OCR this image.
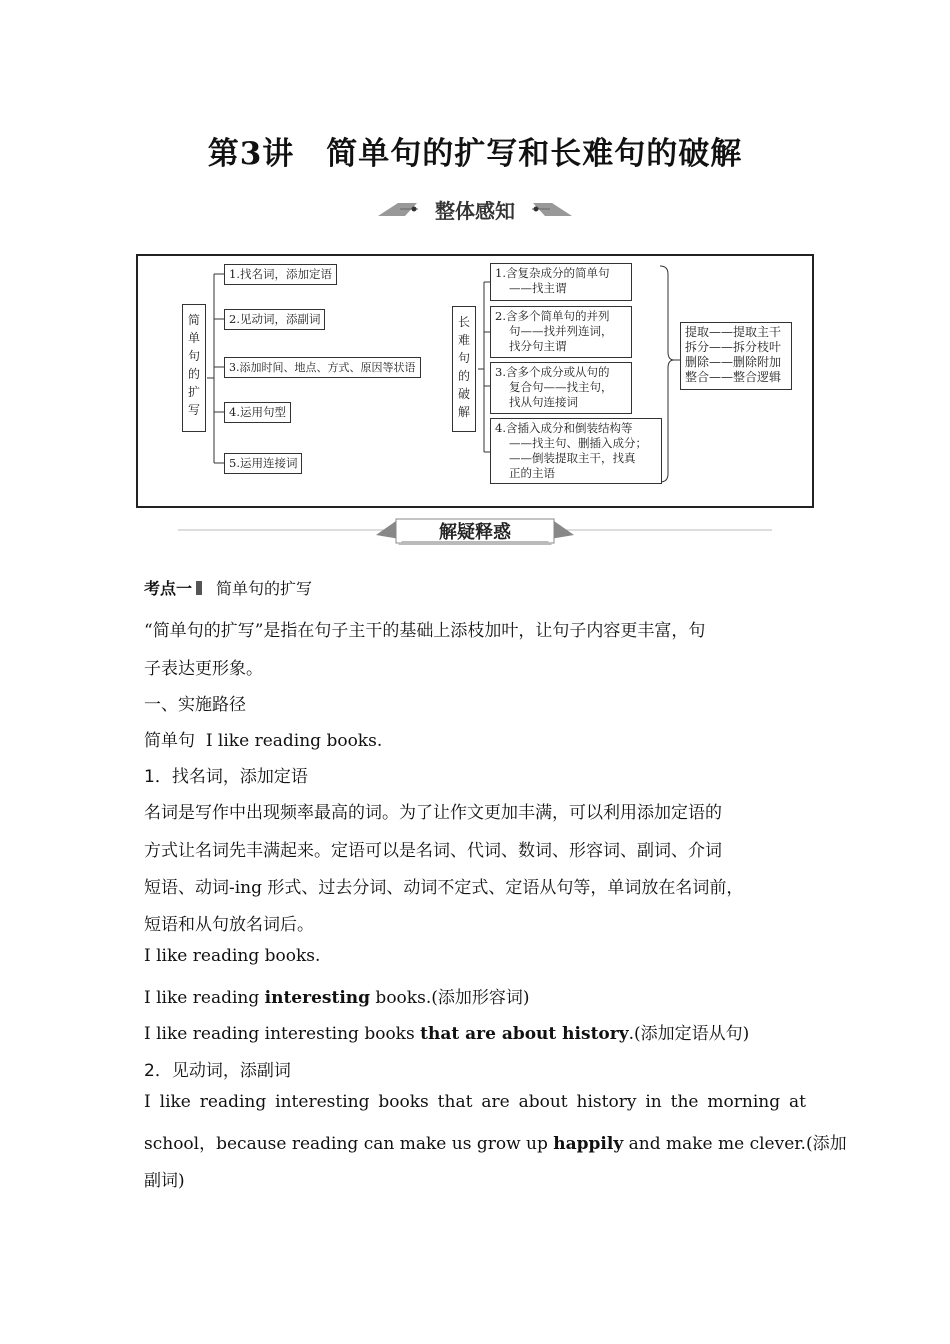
第3讲　简单句的扩写和长难句的破解
整体感知
简
单
句
的
扩
写
1.找名词，添加定语
2.见动词，添副词
3.添加时间、地点、方式、原因等状语
4.运用句型
5.运用连接词
长
难
句
的
破
解
1.含复杂成分的简单句
——找主谓
2.含多个简单句的并列
句——找并列连词，
找分句主谓
3.含多个成分或从句的
复合句——找主句，
找从句连接词
4.含插入成分和倒装结构等
——找主句、删插入成分；
——倒装提取主干，找真
正的主语
提取——提取主干
拆分——拆分枝叶
删除——删除附加
整合——整合逻辑
解疑释惑
考点一 简单句的扩写
“简单句的扩写”是指在句子主干的基础上添枝加叶，让句子内容更丰富，句
子表达更形象。
一、实施路径
简单句 I like reading books.
1．找名词，添加定语
名词是写作中出现频率最高的词。为了让作文更加丰满，可以利用添加定语的
方式让名词先丰满起来。定语可以是名词、代词、数词、形容词、副词、介词
短语、动词-ing 形式、过去分词、动词不定式、定语从句等，单词放在名词前，
短语和从句放名词后。
I like reading books.
I like reading interesting books.(添加形容词)
I like reading interesting books that are about history.(添加定语从句)
2．见动词，添副词
I like reading interesting books that are about history in the morning at
school，because reading can make us grow up happily and make me clever.(添加
副词)
